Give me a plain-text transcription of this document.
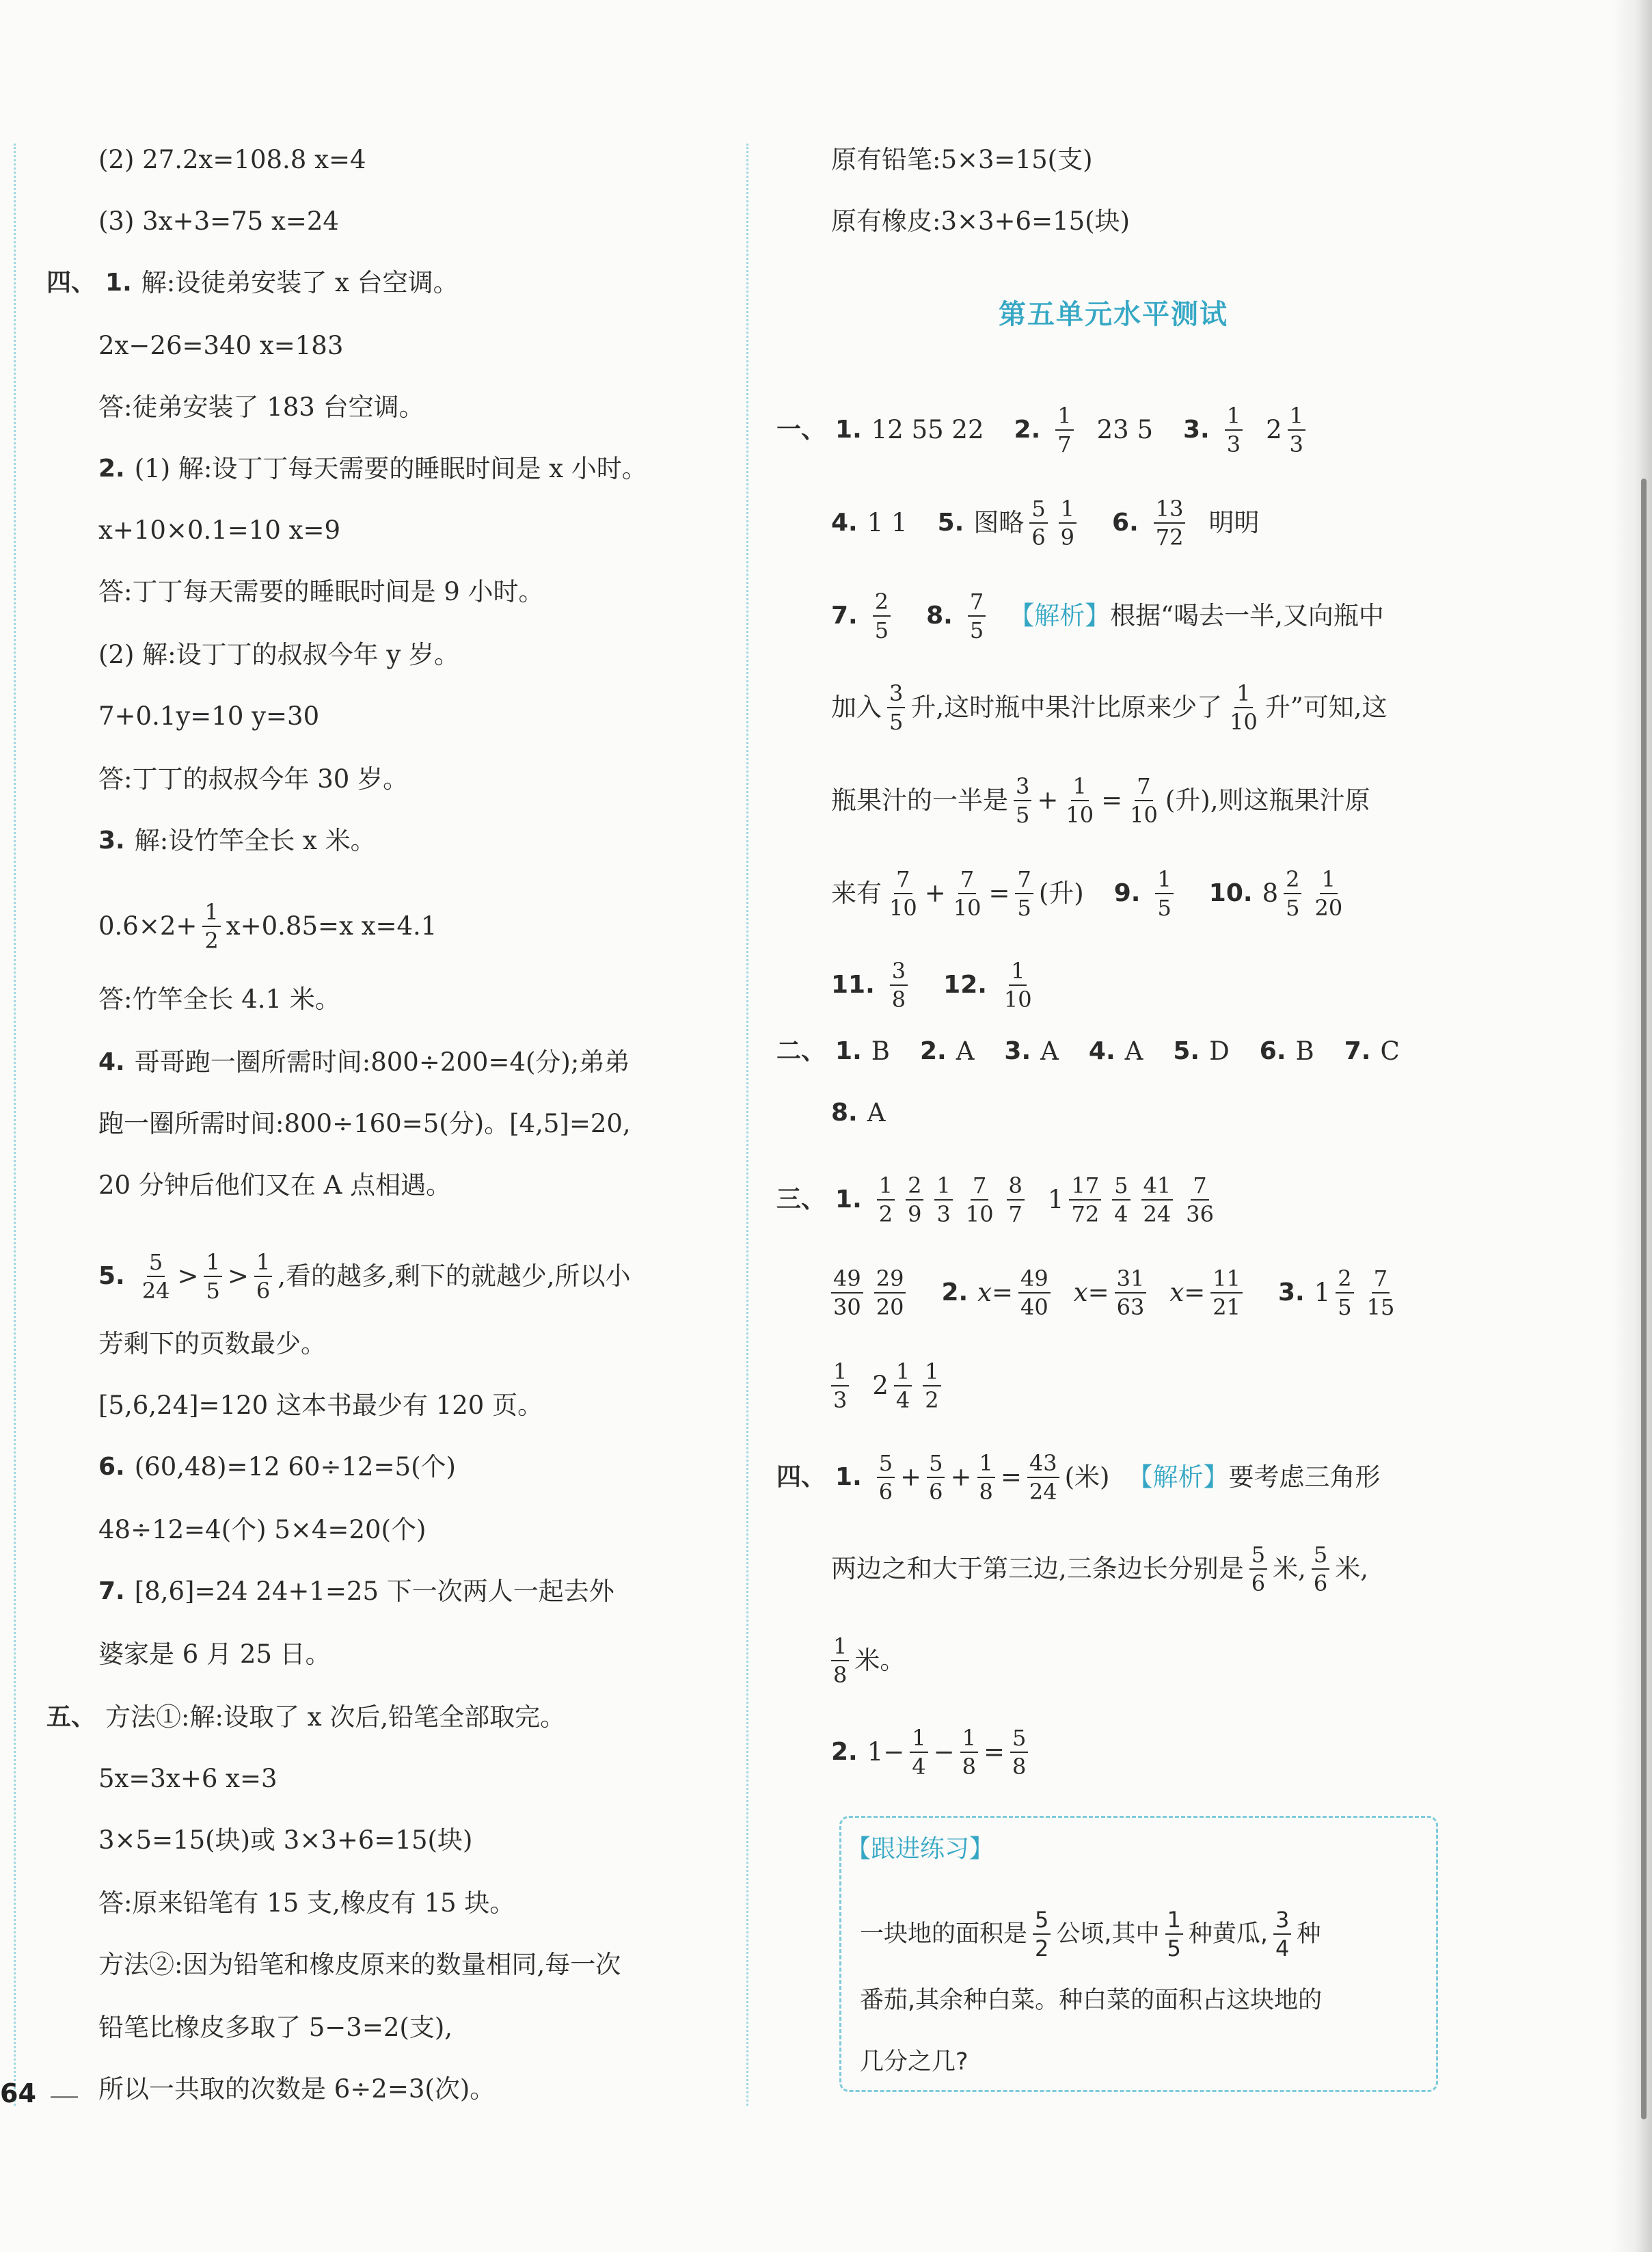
(2) 27.2x=108.8 x=4
(3) 3x+3=75 x=24
四、 1. 解:设徒弟安装了 x 台空调。
2x−26=340 x=183
答:徒弟安装了 183 台空调。
2. (1) 解:设丁丁每天需要的睡眠时间是 x 小时。
x+10×0.1=10 x=9
答:丁丁每天需要的睡眠时间是 9 小时。
(2) 解:设丁丁的叔叔今年 y 岁。
7+0.1y=10 y=30
答:丁丁的叔叔今年 30 岁。
3. 解:设竹竿全长 x 米。
$0.6\times 2+ \frac{1}{2} x+0.85=x$ x=4.1
答:竹竿全长 4.1 米。
4. 哥哥跑一圈所需时间:800÷200=4(分);弟弟
跑一圈所需时间:800÷160=5(分)。[4,5]=20,
20 分钟后他们又在 A 点相遇。
5. $\frac{5}{24} > \frac{1}{5} > \frac{1}{6}$ ,看的越多,剩下的就越少,所以小
芳剩下的页数最少。
[5,6,24]=120 这本书最少有 120 页。
6. (60,48)=12 60÷12=5(个)
48÷12=4(个) 5×4=20(个)
7. [8,6]=24 24+1=25 下一次两人一起去外
婆家是 6 月 25 日。
五、 方法①:解:设取了 x 次后,铅笔全部取完。
5x=3x+6 x=3
3×5=15(块)或 3×3+6=15(块)
答:原来铅笔有 15 支,橡皮有 15 块。
方法②:因为铅笔和橡皮原来的数量相同,每一次
铅笔比橡皮多取了 5−3=2(支),
所以一共取的次数是 6÷2=3(次)。
原有铅笔:5×3=15(支)
原有橡皮:3×3+6=15(块)
第五单元水平测试
一、 1. 12 55 22 2. $\frac{1}{7} 23$ 5 3. $\frac{1}{3} 2 \frac{1}{3}$
4. 1 1 5. 图略 $\frac{5}{6} \frac{1}{9} 6$. $\frac{13}{72}$ 明明
7. $\frac{2}{5} 8$. $\frac{7}{5}$ 【解析】 根据“喝去一半,又向瓶中
加入 $\frac{3}{5}$ 升,这时瓶中果汁比原来少了 $\frac{1}{10}$ 升”可知,这
瓶果汁的一半是 $\frac{3}{5} + \frac{1}{10} = \frac{7}{10}$ (升),则这瓶果汁原
来有 $\frac{7}{10} + \frac{7}{10} = \frac{7}{5}$ (升) 9. $\frac{1}{5} 10$. $8 \frac{2}{5} \frac{1}{20}$
11. $\frac{3}{8} 12$. $\frac{1}{10}$
二、 1. B 2. A 3. A 4. A 5. D 6. B 7. C
8. A
三、 1. $\frac{1}{2} \frac{2}{9} \frac{1}{3} \frac{7}{10} \frac{8}{7} 1 \frac{17}{72} \frac{5}{4} \frac{41}{24} \frac{7}{36}$
$\frac{49}{30} \frac{29}{20} 2$. $x= \frac{49}{40} x= \frac{31}{63} x= \frac{11}{21} 3$. $1 \frac{2}{5} \frac{7}{15}$
$\frac{1}{3} 2 \frac{1}{4} \frac{1}{2}$
四、 1. $\frac{5}{6} + \frac{5}{6} + \frac{1}{8} = \frac{43}{24}$ (米) 【解析】 要考虑三角形
两边之和大于第三边,三条边长分别是 $\frac{5}{6}$ 米, $\frac{5}{6}$ 米,
$\frac{1}{8}$ 米。
2. $1- \frac{1}{4} - \frac{1}{8} = \frac{5}{8}$
【跟进练习】
一块地的面积是 $\frac{5}{2}$ 公顷,其中 $\frac{1}{5}$ 种黄瓜, $\frac{3}{4}$ 种
番茄,其余种白菜。种白菜的面积占这块地的
几分之几?
64
